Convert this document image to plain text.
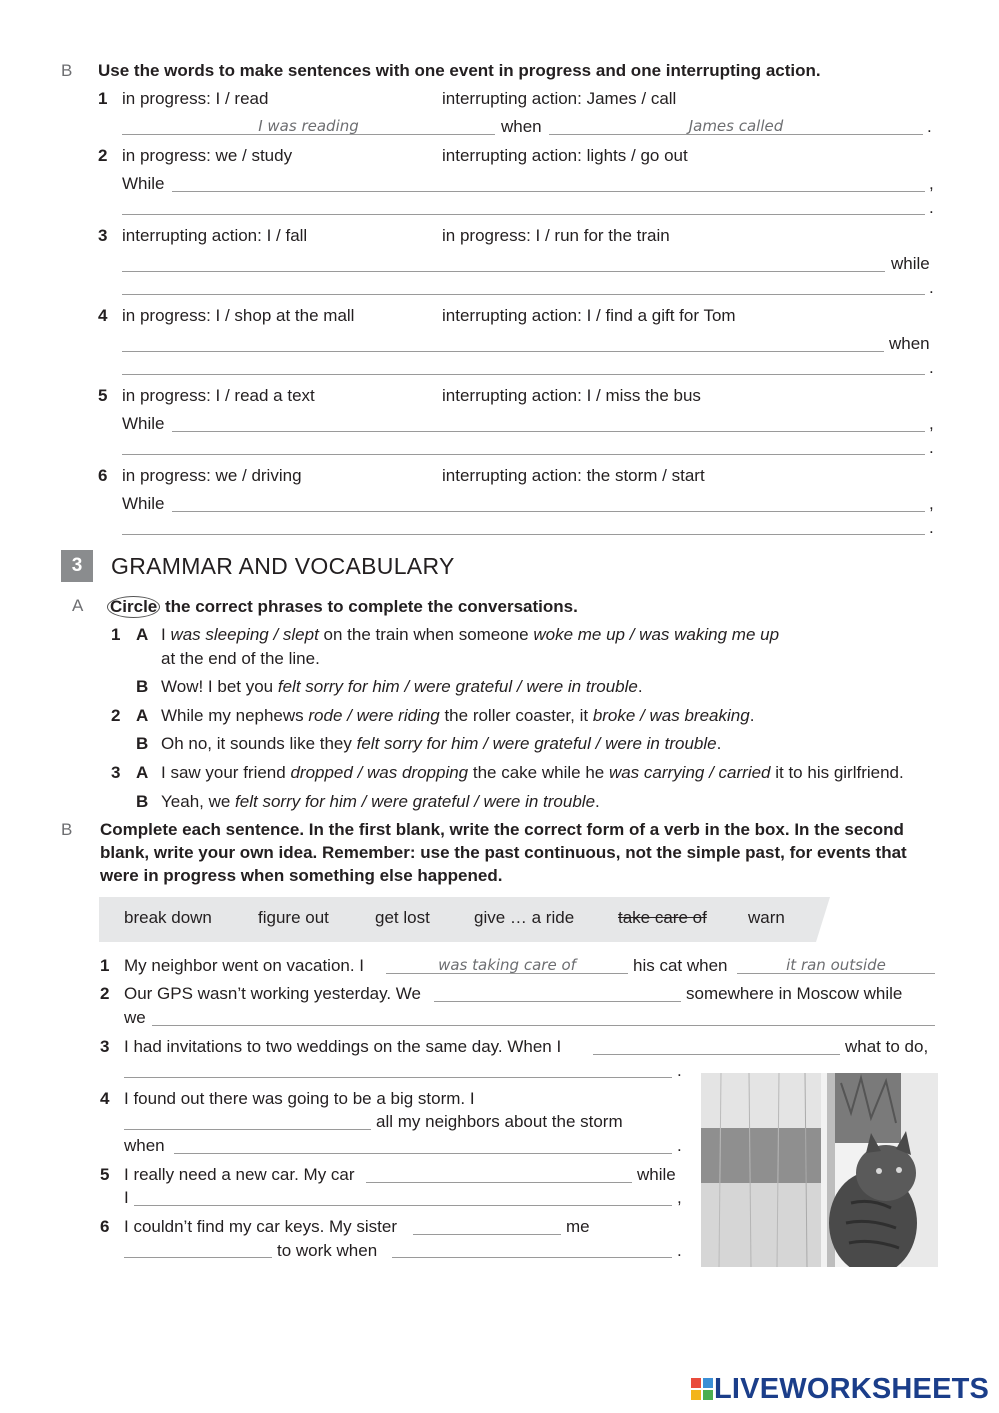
B Use the words to make sentences with one event in progress and one interrupting action.
1 in progress: I / read	interrupting action: James / call
I was reading	when	James called	.
2 in progress: we / study	interrupting action: lights / go out
While	,
.
3 interrupting action: I / fall	in progress: I / run for the train
while
.
4 in progress: I / shop at the mall	interrupting action: I / find a gift for Tom
when
.
5 in progress: I / read a text	interrupting action: I / miss the bus
While	,
.
6 in progress: we / driving	interrupting action: the storm / start
While	,
.
3	GRAMMAR AND VOCABULARY
A Circle the correct phrases to complete the conversations.
1 A I was sleeping / slept on the train when someone woke me up / was waking me up
at the end of the line.
B Wow! I bet you felt sorry for him / were grateful / were in trouble.
2 A While my nephews rode / were riding the roller coaster, it broke / was breaking.
B Oh no, it sounds like they felt sorry for him / were grateful / were in trouble.
3 A I saw your friend dropped / was dropping the cake while he was carrying / carried it to his girlfriend.
B Yeah, we felt sorry for him / were grateful / were in trouble.
B Complete each sentence. In the first blank, write the correct form of a verb in the box. In the second
blank, write your own idea. Remember: use the past continuous, not the simple past, for events that
were in progress when something else happened.
break down	figure out	get lost	give … a ride	take care of warn
1 My neighbor went on vacation. I	was taking care of	his cat when	it ran outside
2 Our GPS wasn’t working yesterday. We	somewhere in Moscow while
we
3 I had invitations to two weddings on the same day. When I	what to do,
.
4 I found out there was going to be a big storm. I
all my neighbors about the storm
when	.
5 I really need a new car. My car	while
I	,
6 I couldn’t find my car keys. My sister	me
to work when	.
LIVEWORKSHEETS
